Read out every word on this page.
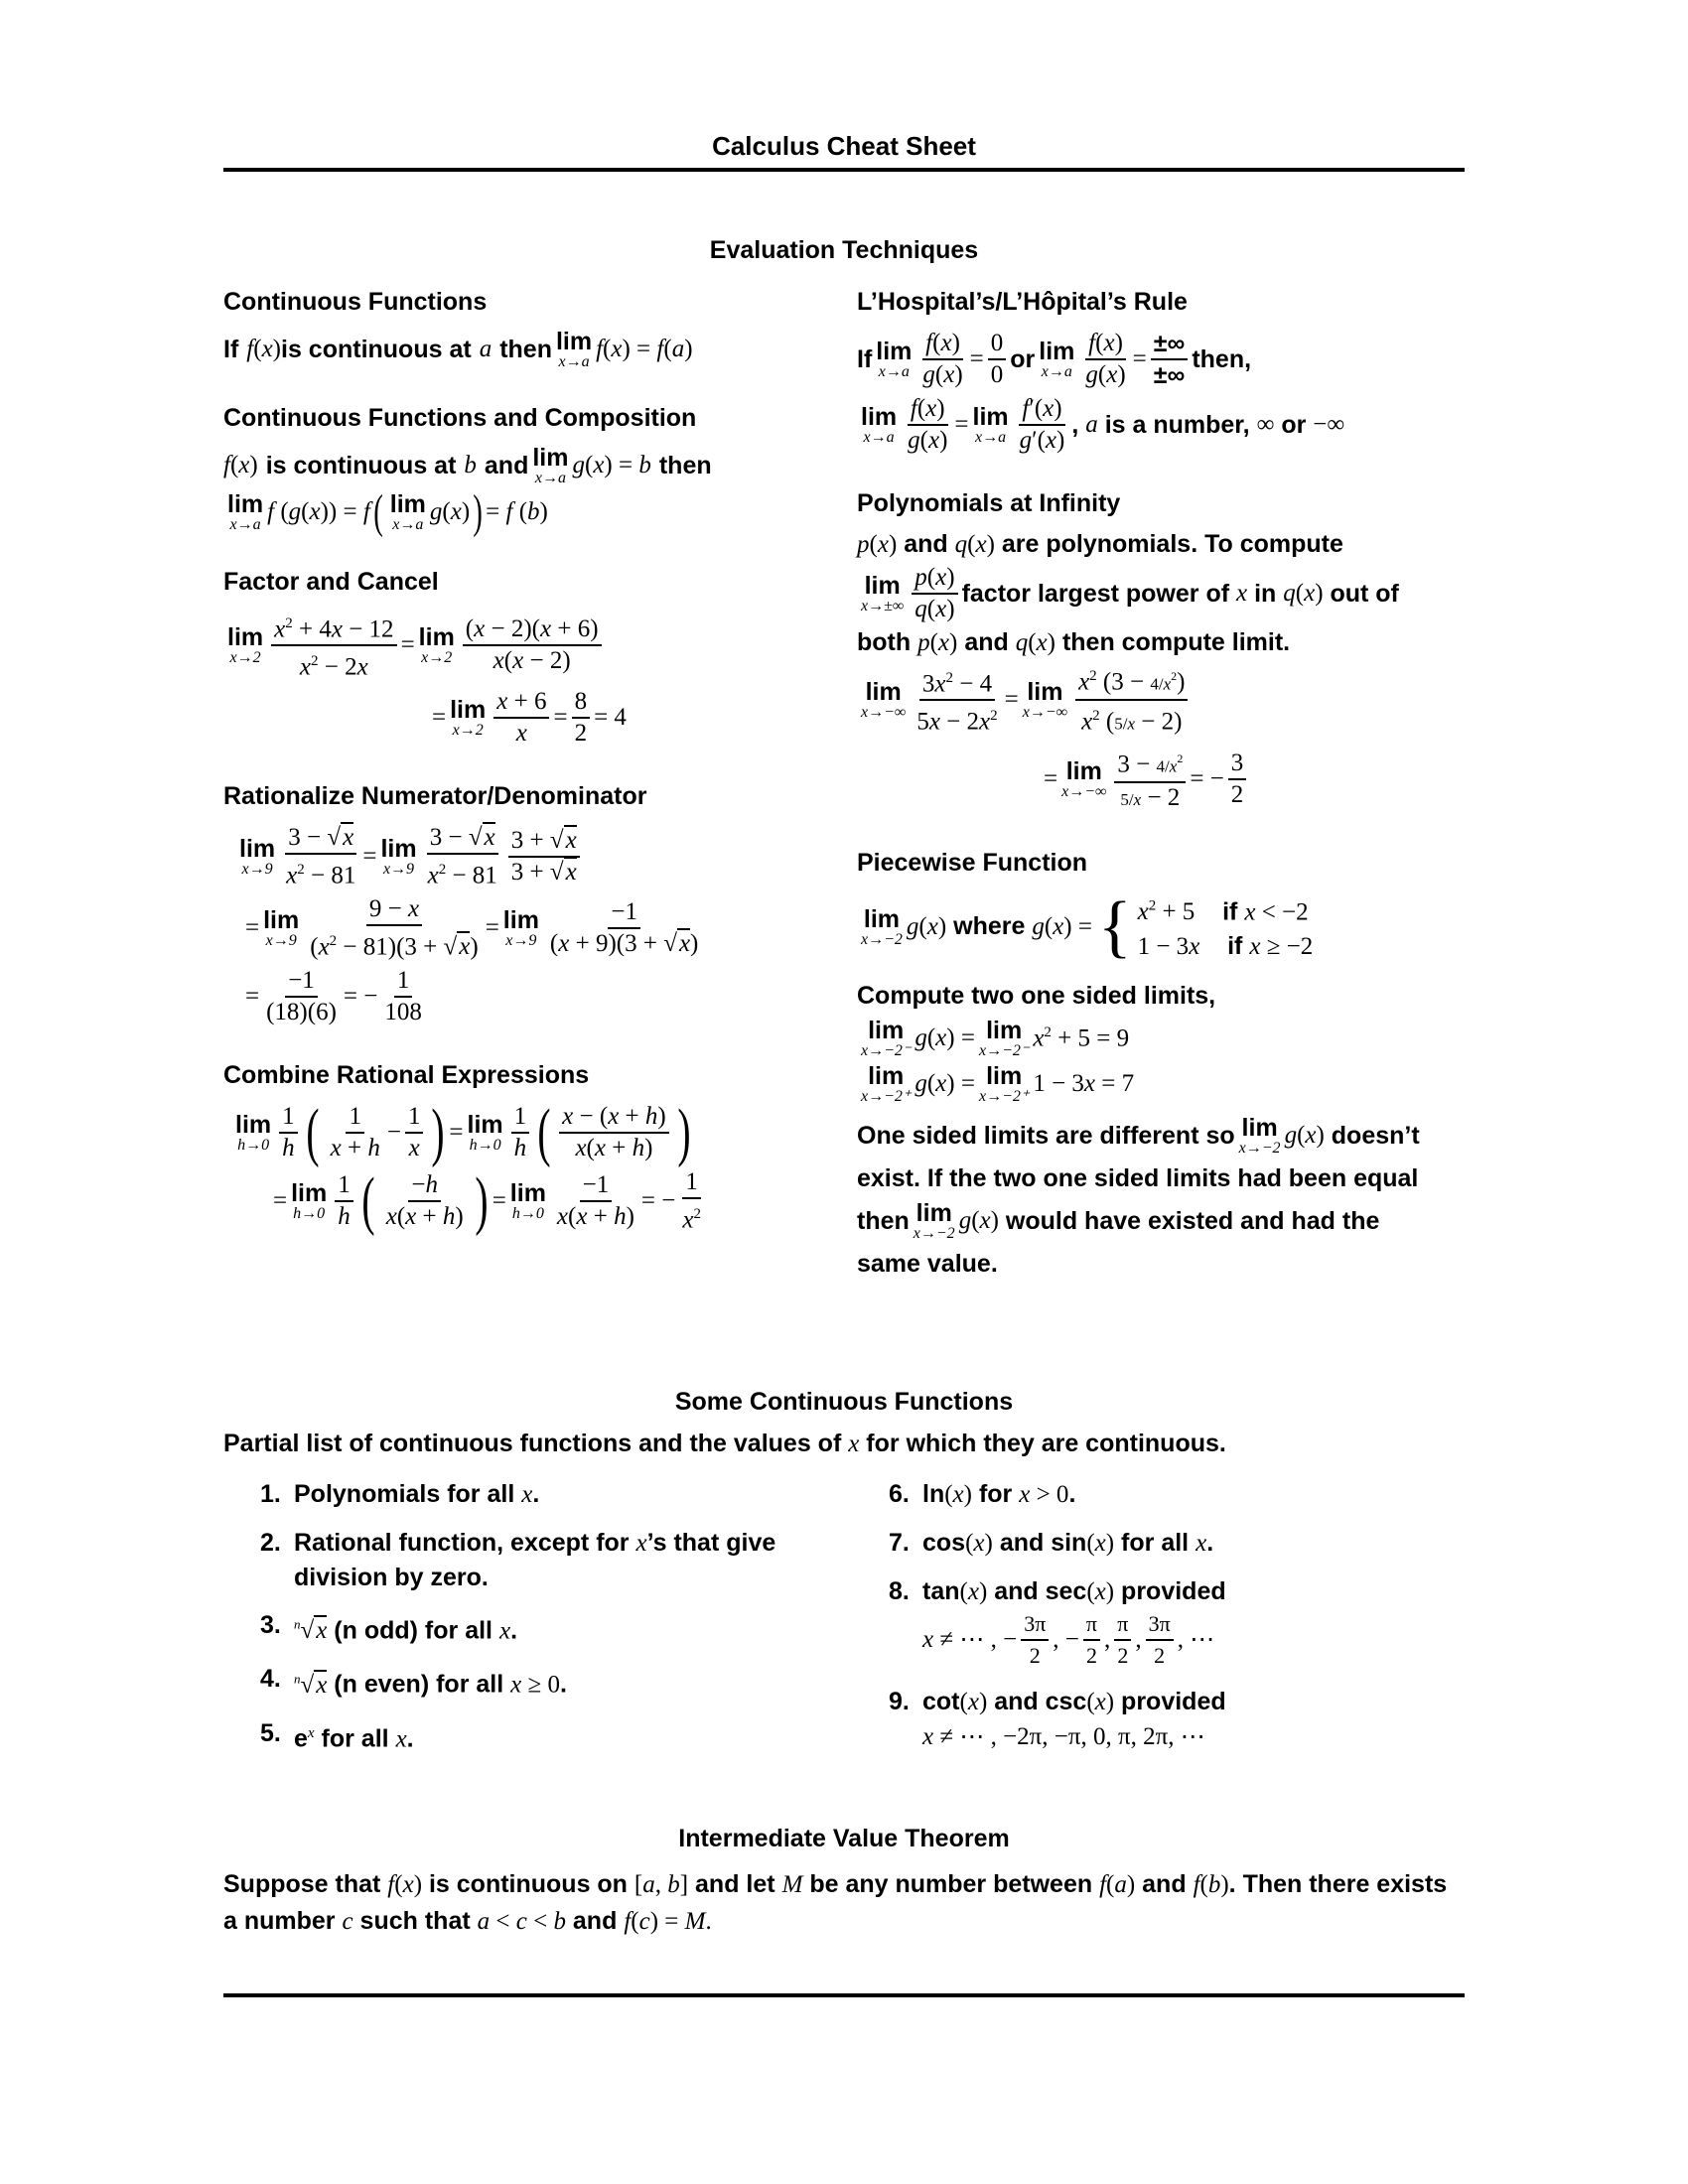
Calculus Cheat Sheet
Evaluation Techniques
Continuous Functions
If f ( x ) is continuous at a then lim
x→a f(x) = f(a)
Continuous Functions and Composition
f(x) is continuous at b and lim
x→a g(x) = b then
lim
x→a f (g(x)) = f ( lim
x→a g(x) ) = f (b)
Factor and Cancel
lim
$x\to 2 \frac{x^2 + 4x - 12}{x^2 - 2x} = \lim$
$x\to 2 \frac{(x - 2)(x + 6)}{x(x - 2)}$
= lim
$x\to 2 \frac{x + 6}{x} = \frac{8}{2} = 4$
Rationalize Numerator/Denominator
lim
$x\to 9 \frac{3 - √x}{x^2 - 81} = \lim$
$x\to 9 \frac{3 - √x}{x^2 - 81} \frac{3 + √x}{3 + √x}$
= lim
$x\to 9 \frac{9 - x}{(x^2 - 81)(3 + √x)} = \lim$
$x\to 9 \frac{-1}{(x + 9)(3 + √x)}$
= $\frac{-1}{(18)(6)}$ = − $\frac{1}{108}$
Combine Rational Expressions
lim
$h\to 0 \frac{1}{h}$ ( $\frac{1}{x + h} - \frac{1}{x}$ ) = lim
$h\to 0 \frac{1}{h}$ ( $\frac{x - (x + h)}{x(x + h)}$ )
= lim
$h\to 0 \frac{1}{h}$ ( $\frac{-h}{x(x + h)}$ ) = lim
$h\to 0 \frac{-1}{x(x + h)}$ = − $\frac{1}{x^2}$
L’Hospital’s/L’Hôpital’s Rule
If lim
$x\to a \frac{f(x)}{g(x)} = \frac{0}{0}$ or lim
$x\to a \frac{f(x)}{g(x)} = \frac{\pm\infty}{\pm\infty}$ then,
lim
$x\to a \frac{f(x)}{g(x)} = \lim$
$x\to a \frac{f'(x)}{g'(x)}$ , a
is a number,
∞
or
−∞
Polynomials at Infinity
p(x)
and
q(x)
are polynomials. To compute
lim
$x\to\pm\infty \frac{p(x)}{q(x)}$ factor largest power of
x
in
q(x)
out of
both
p(x)
and
q(x)
then compute limit.
lim
$x\to-\infty \frac{3x^2 - 4}{5x - 2x^2} = \lim$
$x\to-\infty \frac{x^2 (3 - 4/x^2)}{x^2 (5/x - 2)}$
= lim
$x\to-\infty \frac{3 - 4/x^2}{5/x - 2}$ = − $\frac{3}{2}$
Piecewise Function
lim
x→−2 g(x)
where
g(x) = { $x^2 + 5$ if x < −2
1 − 3x if x ≥ −2
Compute two one sided limits,
lim
x→−2⁻ g(x) = lim
x→−2⁻ $x^2 + 5 = 9$
lim
x→−2⁺ g(x) = lim
x→−2⁺ 1 − 3x = 7
One sided limits are different so lim
x→−2 g(x)
doesn’t
exist. If the two one sided limits had been equal
then lim
x→−2 g(x)
would have existed and had the
same value.
Some Continuous Functions
Partial list of continuous functions and the values of x for which they are continuous.
1. Polynomials for all x.
2. Rational function, except for x’s that give division by zero.
3.	$^n$√x (n odd) for all x.
4.	$^n$√x (n even) for all x ≥ 0.
5. $e^x$ for all x.
6. ln(x) for x > 0.
7. cos(x) and sin(x) for all x.
8. tan(x) and sec(x) provided

x ≠ ⋯ , − $\frac{3\pi}{2}$ , − $\frac{\pi}{2}$ , $\frac{\pi}{2}$ , $\frac{3\pi}{2}$ , ⋯
9. cot(x) and csc(x) provided
x ≠ ⋯ , −2π, −π, 0, π, 2π, ⋯
Intermediate Value Theorem
Suppose that f(x) is continuous on [a, b] and let M be any number between f(a) and f(b). Then there exists a number c such that a < c < b and f(c) = M.
